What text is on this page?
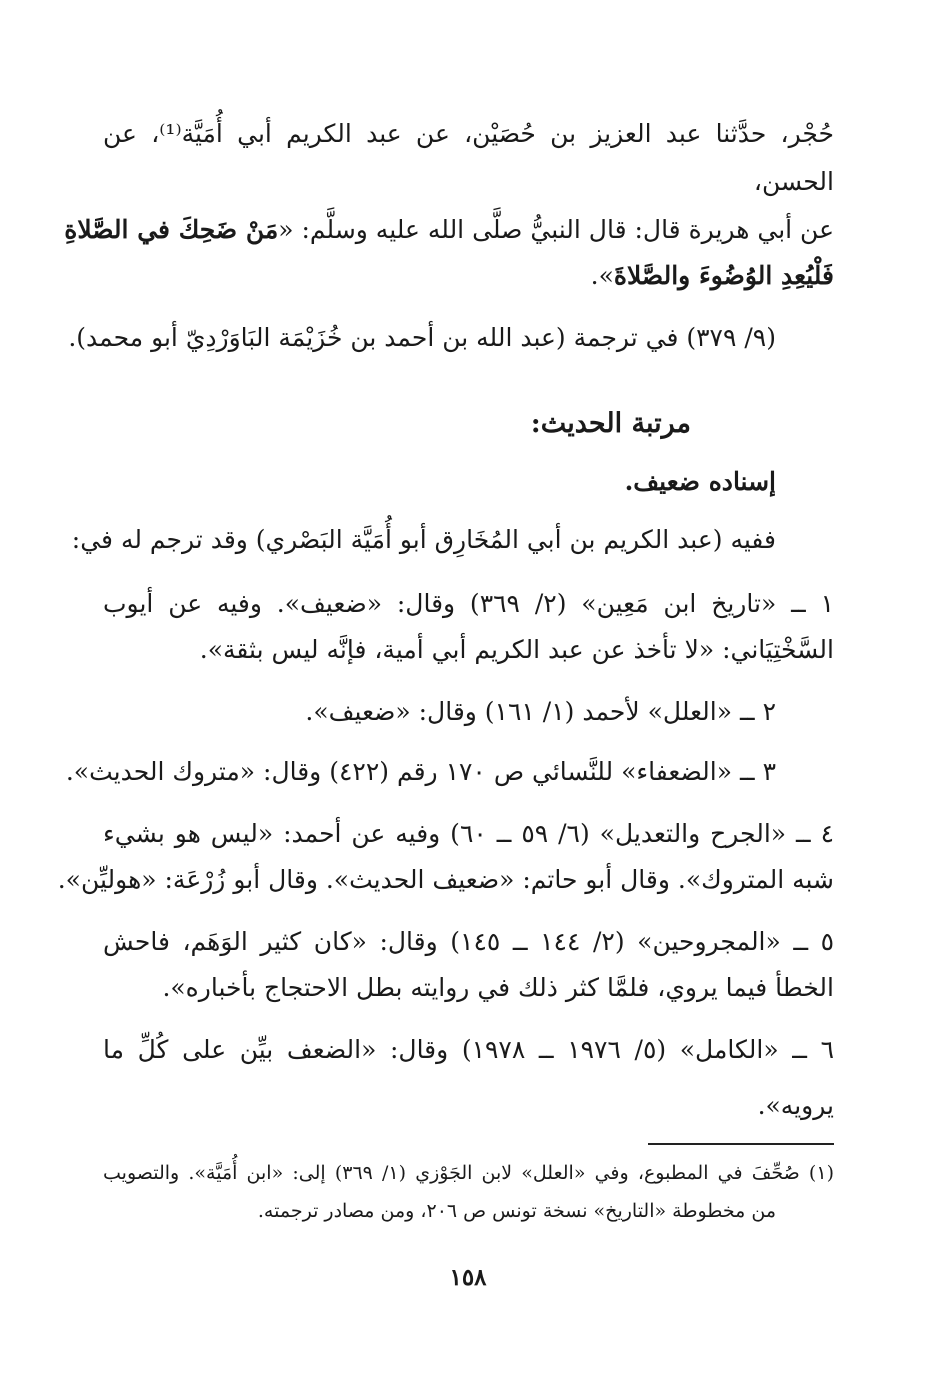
حُجْر، حدَّثنا عبد العزيز بن حُصَيْن، عن عبد الكريم أبي أُمَيَّة⁽¹⁾، عن
الحسن،
عن أبي هريرة قال: قال النبيُّ صلَّى الله عليه وسلَّم: «مَنْ ضَحِكَ في الصَّلاةِ
فَلْيُعِدِ الوُضُوءَ والصَّلاةَ».
(٩/ ٣٧٩) في ترجمة (عبد الله بن أحمد بن خُزَيْمَة البَاوَرْدِيّ أبو محمد).
مرتبة الحديث:
إسناده ضعيف.
ففيه (عبد الكريم بن أبي المُخَارِق أبو أُمَيَّة البَصْري) وقد ترجم له في:
١ ــ «تاريخ ابن مَعِين» (٢/ ٣٦٩) وقال: «ضعيف». وفيه عن أيوب
السَّخْتِيَاني: «لا تأخذ عن عبد الكريم أبي أمية، فإنَّه ليس بثقة».
٢ ــ «العلل» لأحمد (١/ ١٦١) وقال: «ضعيف».
٣ ــ «الضعفاء» للنَّسائي ص ١٧٠ رقم (٤٢٢) وقال: «متروك الحديث».
٤ ــ «الجرح والتعديل» (٦/ ٥٩ ــ ٦٠) وفيه عن أحمد: «ليس هو بشيء
شبه المتروك». وقال أبو حاتم: «ضعيف الحديث». وقال أبو زُرْعَة: «هوليِّن».
٥ ــ «المجروحين» (٢/ ١٤٤ ــ ١٤٥) وقال: «كان كثير الوَهَم، فاحش
الخطأ فيما يروي، فلمَّا كثر ذلك في روايته بطل الاحتجاج بأخباره».
٦ ــ «الكامل» (٥/ ١٩٧٦ ــ ١٩٧٨) وقال: «الضعف بيِّن على كُلِّ ما
يرويه».
(١) صُحِّفَ في المطبوع، وفي «العلل» لابن الجَوْزي (١/ ٣٦٩) إلى: «ابن أُمَيَّة». والتصويب
من مخطوطة «التاريخ» نسخة تونس ص ٢٠٦، ومن مصادر ترجمته.
١٥٨
